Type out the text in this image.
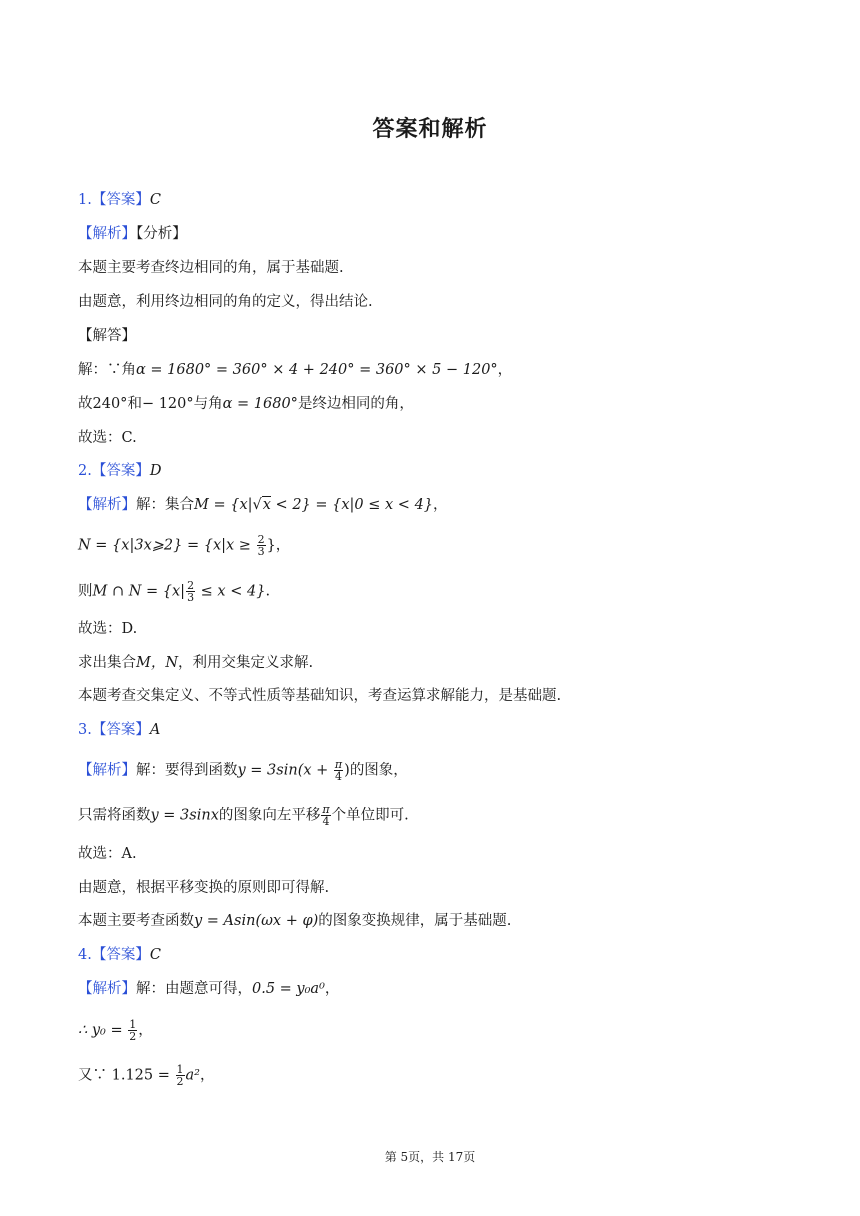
答案和解析
1.【答案】C
【解析】【分析】
本题主要考查终边相同的角，属于基础题.
由题意，利用终边相同的角的定义，得出结论.
【解答】
解：∵角α = 1680° = 360° × 4 + 240° = 360° × 5 − 120°，
故240°和− 120°与角α = 1680°是终边相同的角，
故选：C.
2.【答案】D
【解析】解：集合M = {x|√x < 2} = {x|0 ≤ x < 4}，
N = {x|3x⩾2} = {$x|x \ge \frac{2}{3}$ }，
则M ∩ $N = \{x| \frac{2}{3} \le x < 4\}$.
故选：D.
求出集合M，N，利用交集定义求解.
本题考查交集定义、不等式性质等基础知识，考查运算求解能力，是基础题.
3.【答案】A
【解析】解：要得到函数$y = 3\sin(x + \frac{\pi}{4}$ )的图象，
只需将函数y = 3sinx的图象向左平移 $\frac{\pi}{4}$ 个单位即可.
故选：A.
由题意，根据平移变换的原则即可得解.
本题主要考查函数y = Asin(ωx + φ)的图象变换规律，属于基础题.
4.【答案】C
【解析】解：由题意可得，0.5 = y₀a⁰，
∴ $y_0 = \frac{1}{2}$ ，
又∵ $1.125 = \frac{1}{2} a^2$，
第 5页，共 17页
